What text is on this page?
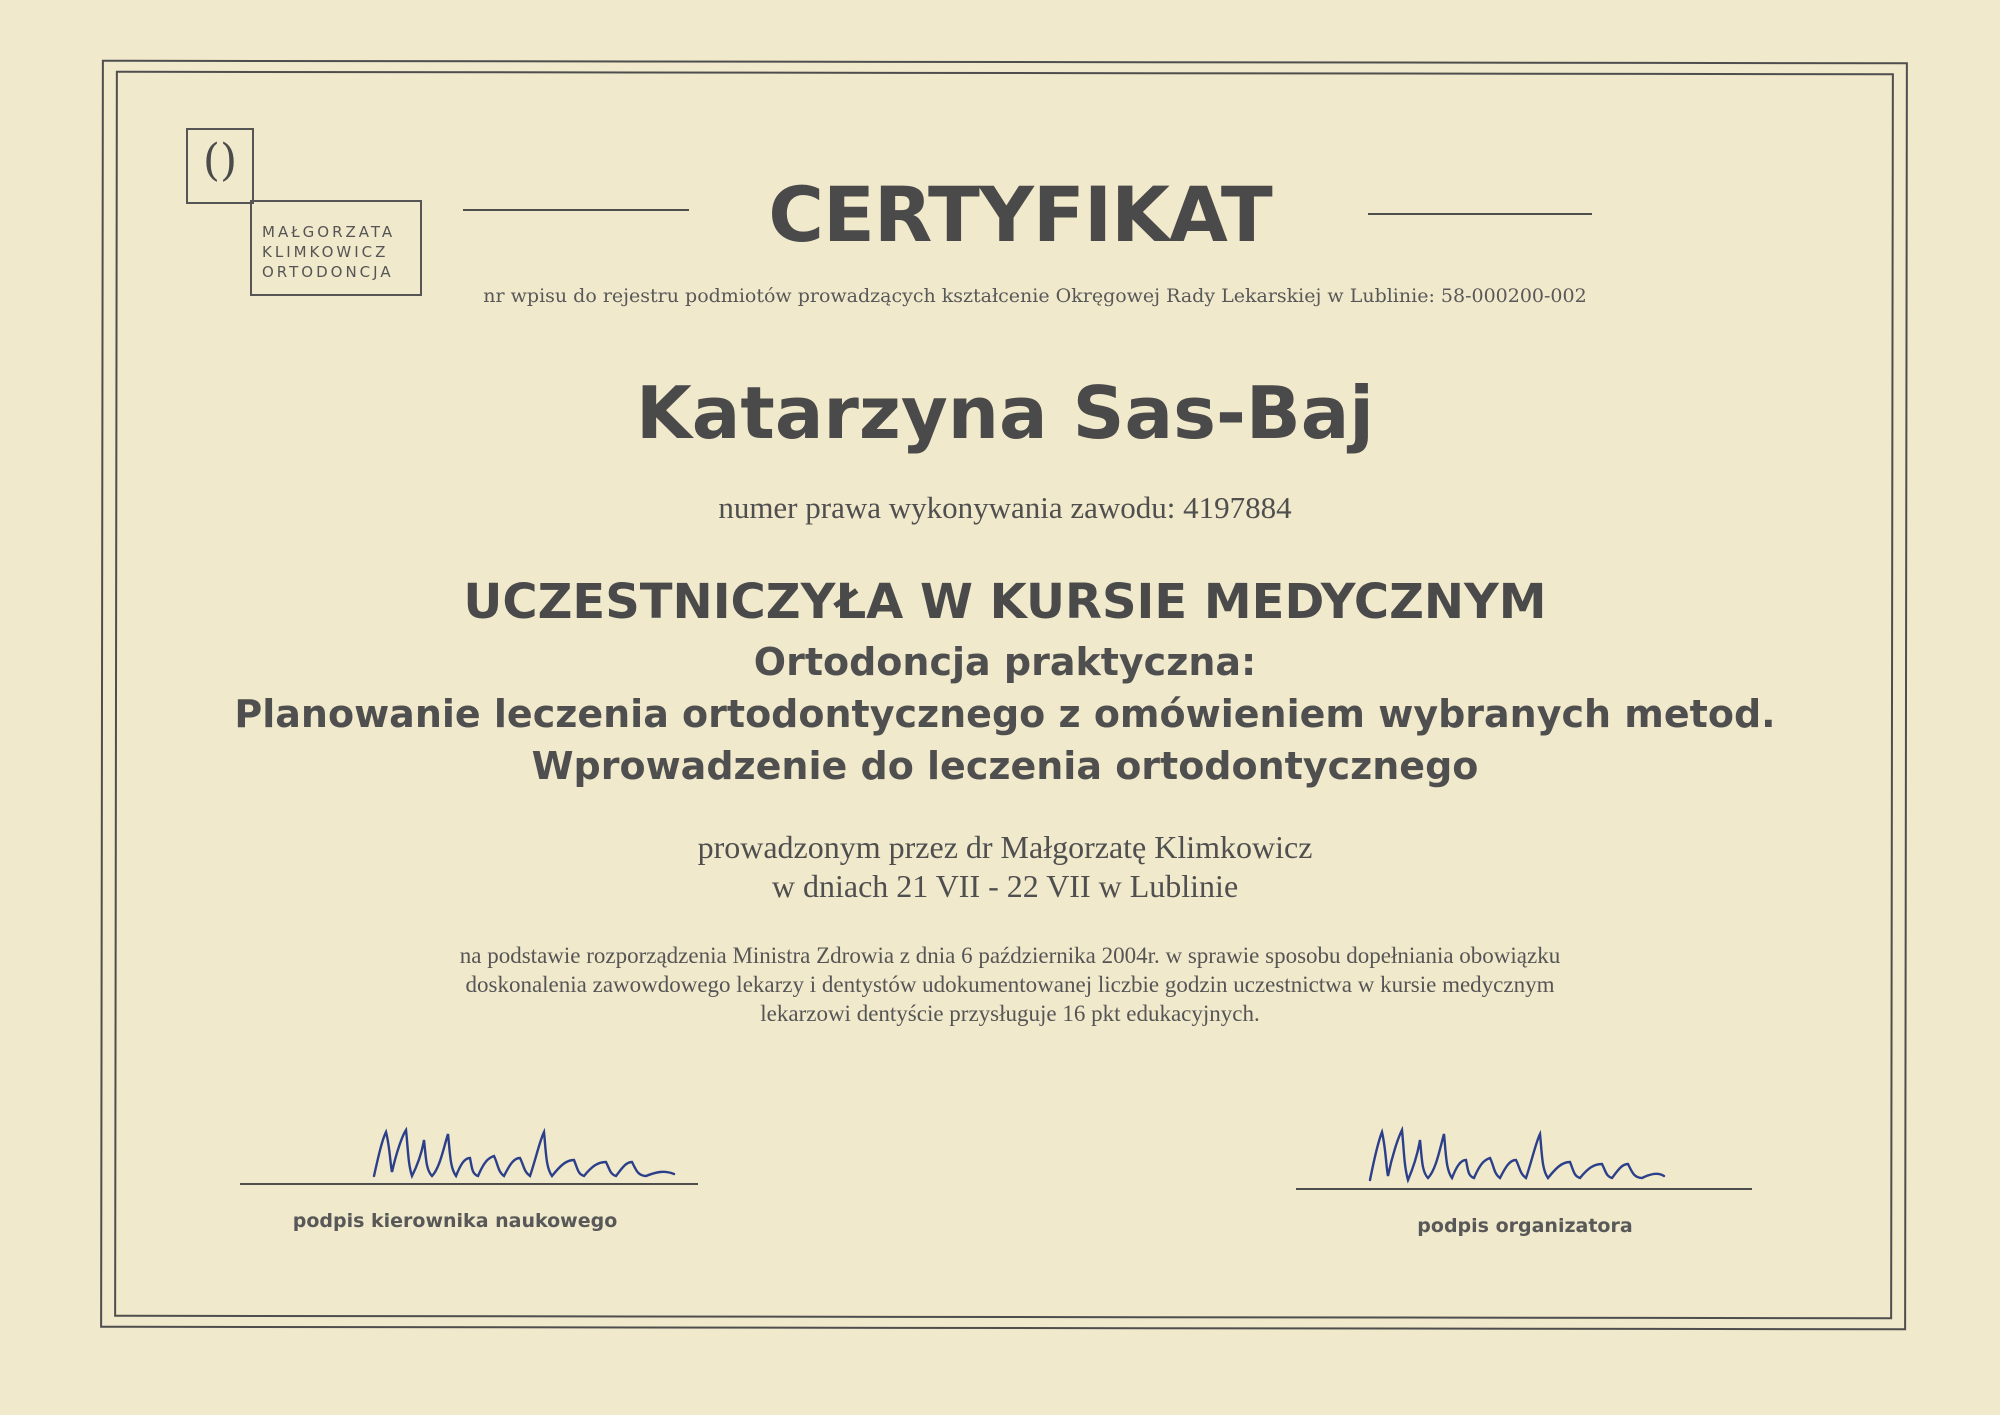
()
MAŁGORZATA
KLIMKOWICZ
ORTODONCJA
CERTYFIKAT
nr wpisu do rejestru podmiotów prowadzących kształcenie Okręgowej Rady Lekarskiej w Lublinie: 58-000200-002
Katarzyna Sas-Baj
numer prawa wykonywania zawodu: 4197884
UCZESTNICZYŁA W KURSIE MEDYCZNYM
Ortodoncja praktyczna:
Planowanie leczenia ortodontycznego z omówieniem wybranych metod.
Wprowadzenie do leczenia ortodontycznego
prowadzonym przez dr Małgorzatę Klimkowicz
w dniach 21 VII - 22 VII w Lublinie
na podstawie rozporządzenia Ministra Zdrowia z dnia 6 października 2004r. w sprawie sposobu dopełniania obowiązku
doskonalenia zawowdowego lekarzy i dentystów udokumentowanej liczbie godzin uczestnictwa w kursie medycznym
lekarzowi dentyście przysługuje 16 pkt edukacyjnych.
podpis kierownika naukowego	podpis organizatora
